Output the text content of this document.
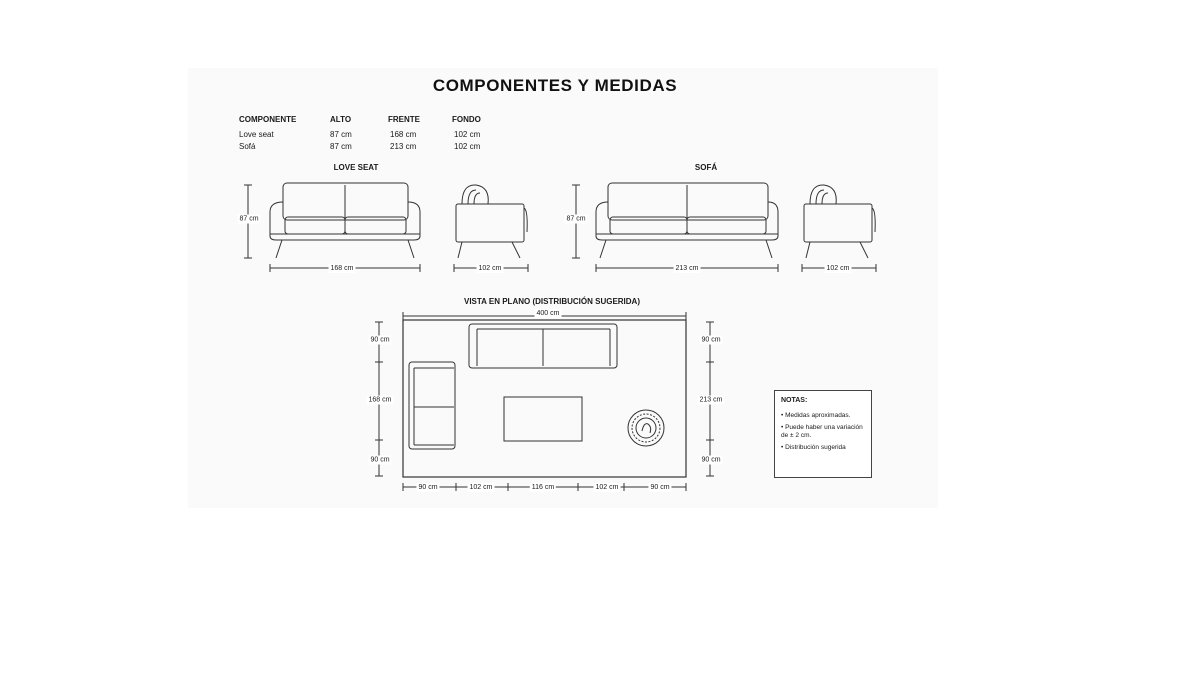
COMPONENTES Y MEDIDAS
COMPONENTE	ALTO	FRENTE	FONDO
Love seat	87 cm	168 cm	102 cm
Sofá	87 cm	213 cm	102 cm
LOVE SEAT	SOFÁ
VISTA EN PLANO (DISTRIBUCIÓN SUGERIDA)
87 cm
168 cm	102 cm
87 cm
213 cm	102 cm
400 cm
90 cm
168 cm
90 cm
90 cm
213 cm
90 cm
90 cm	102 cm	116 cm	102 cm	90 cm
NOTAS:
• Medidas aproximadas.
• Puede haber una variación de ± 2 cm.
• Distribución sugerida
